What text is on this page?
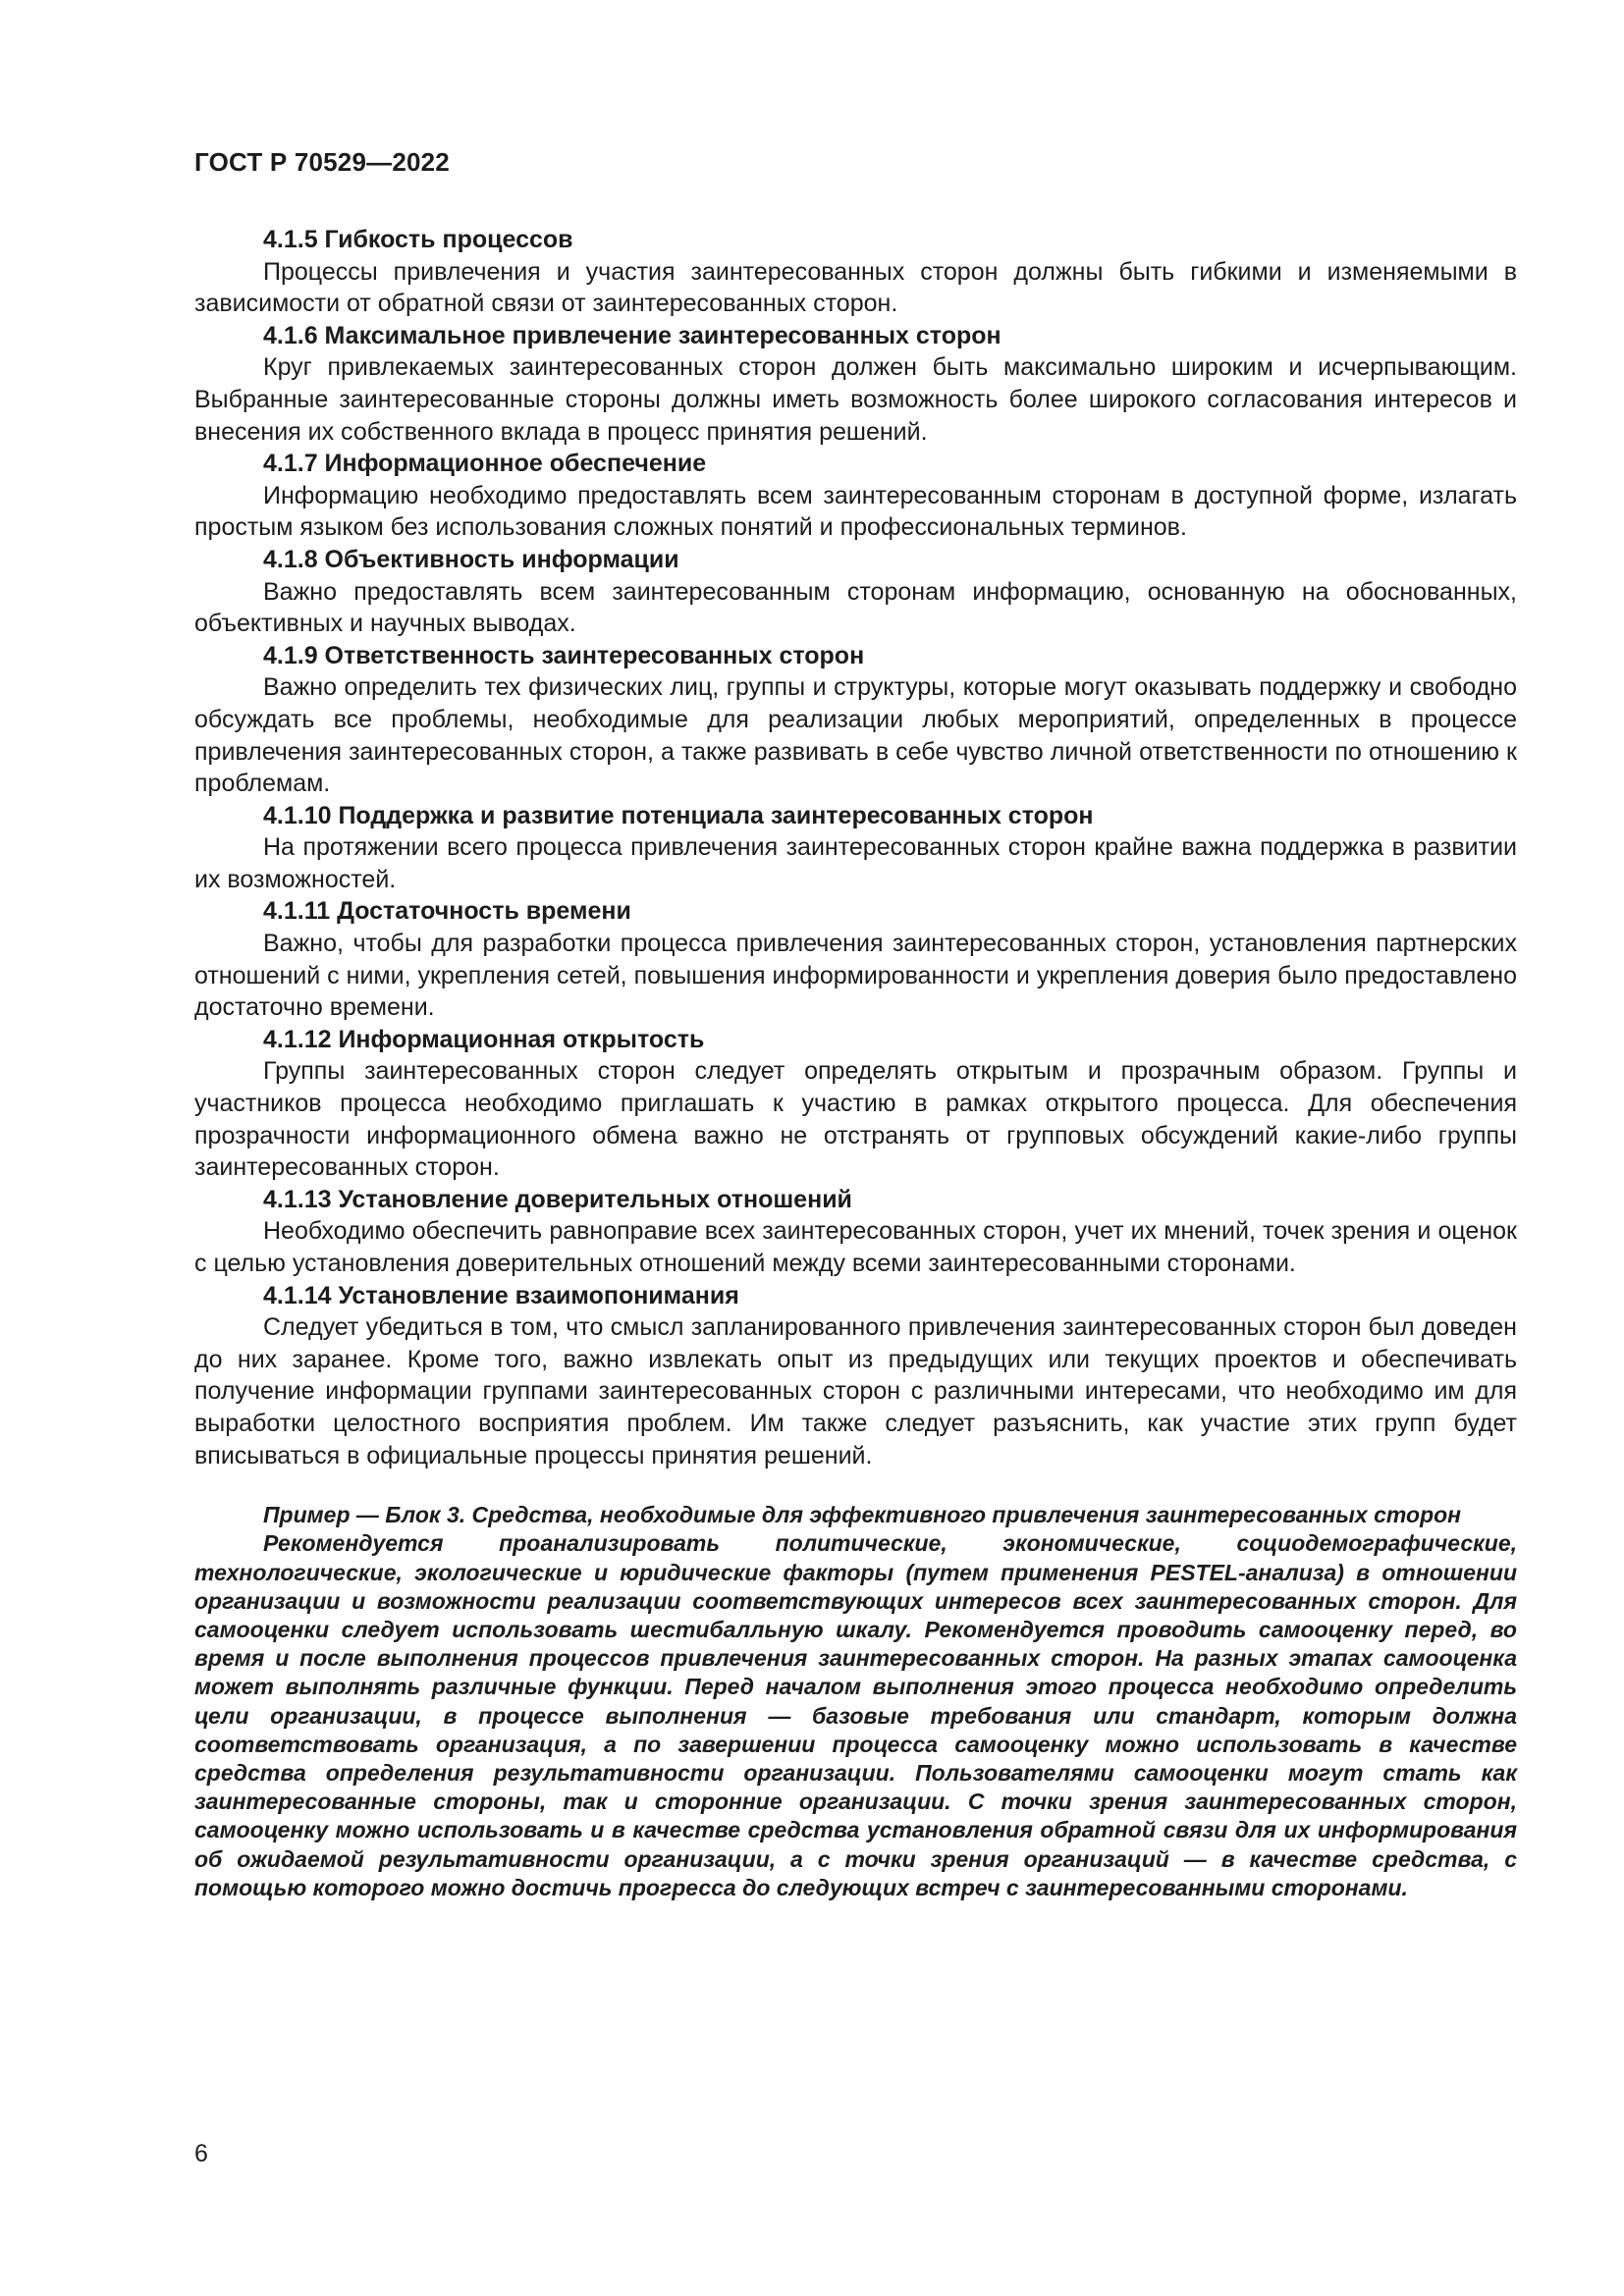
ГОСТ Р 70529—2022

4.1.5 Гибкость процессов

Процессы привлечения и участия заинтересованных сторон должны быть гибкими и изменяемыми в зависимости от обратной связи от заинтересованных сторон.

4.1.6 Максимальное привлечение заинтересованных сторон

Круг привлекаемых заинтересованных сторон должен быть максимально широким и исчерпывающим. Выбранные заинтересованные стороны должны иметь возможность более широкого согласования интересов и внесения их собственного вклада в процесс принятия решений.

4.1.7 Информационное обеспечение

Информацию необходимо предоставлять всем заинтересованным сторонам в доступной форме, излагать простым языком без использования сложных понятий и профессиональных терминов.

4.1.8 Объективность информации

Важно предоставлять всем заинтересованным сторонам информацию, основанную на обоснованных, объективных и научных выводах.

4.1.9 Ответственность заинтересованных сторон

Важно определить тех физических лиц, группы и структуры, которые могут оказывать поддержку и свободно обсуждать все проблемы, необходимые для реализации любых мероприятий, определенных в процессе привлечения заинтересованных сторон, а также развивать в себе чувство личной ответственности по отношению к проблемам.

4.1.10 Поддержка и развитие потенциала заинтересованных сторон

На протяжении всего процесса привлечения заинтересованных сторон крайне важна поддержка в развитии их возможностей.

4.1.11 Достаточность времени

Важно, чтобы для разработки процесса привлечения заинтересованных сторон, установления партнерских отношений с ними, укрепления сетей, повышения информированности и укрепления доверия было предоставлено достаточно времени.

4.1.12 Информационная открытость

Группы заинтересованных сторон следует определять открытым и прозрачным образом. Группы и участников процесса необходимо приглашать к участию в рамках открытого процесса. Для обеспечения прозрачности информационного обмена важно не отстранять от групповых обсуждений какие-либо группы заинтересованных сторон.

4.1.13 Установление доверительных отношений

Необходимо обеспечить равноправие всех заинтересованных сторон, учет их мнений, точек зрения и оценок с целью установления доверительных отношений между всеми заинтересованными сторонами.

4.1.14 Установление взаимопонимания

Следует убедиться в том, что смысл запланированного привлечения заинтересованных сторон был доведен до них заранее. Кроме того, важно извлекать опыт из предыдущих или текущих проектов и обеспечивать получение информации группами заинтересованных сторон с различными интересами, что необходимо им для выработки целостного восприятия проблем. Им также следует разъяснить, как участие этих групп будет вписываться в официальные процессы принятия решений.

Пример — Блок 3. Средства, необходимые для эффективного привлечения заинтересованных сторон

Рекомендуется проанализировать политические, экономические, социодемографические, технологические, экологические и юридические факторы (путем применения PESTEL-анализа) в отношении организации и возможности реализации соответствующих интересов всех заинтересованных сторон. Для самооценки следует использовать шестибалльную шкалу. Рекомендуется проводить самооценку перед, во время и после выполнения процессов привлечения заинтересованных сторон. На разных этапах самооценка может выполнять различные функции. Перед началом выполнения этого процесса необходимо определить цели организации, в процессе выполнения — базовые требования или стандарт, которым должна соответствовать организация, а по завершении процесса самооценку можно использовать в качестве средства определения результативности организации. Пользователями самооценки могут стать как заинтересованные стороны, так и сторонние организации. С точки зрения заинтересованных сторон, самооценку можно использовать и в качестве средства установления обратной связи для их информирования об ожидаемой результативности организации, а с точки зрения организаций — в качестве средства, с помощью которого можно достичь прогресса до следующих встреч с заинтересованными сторонами.

6
